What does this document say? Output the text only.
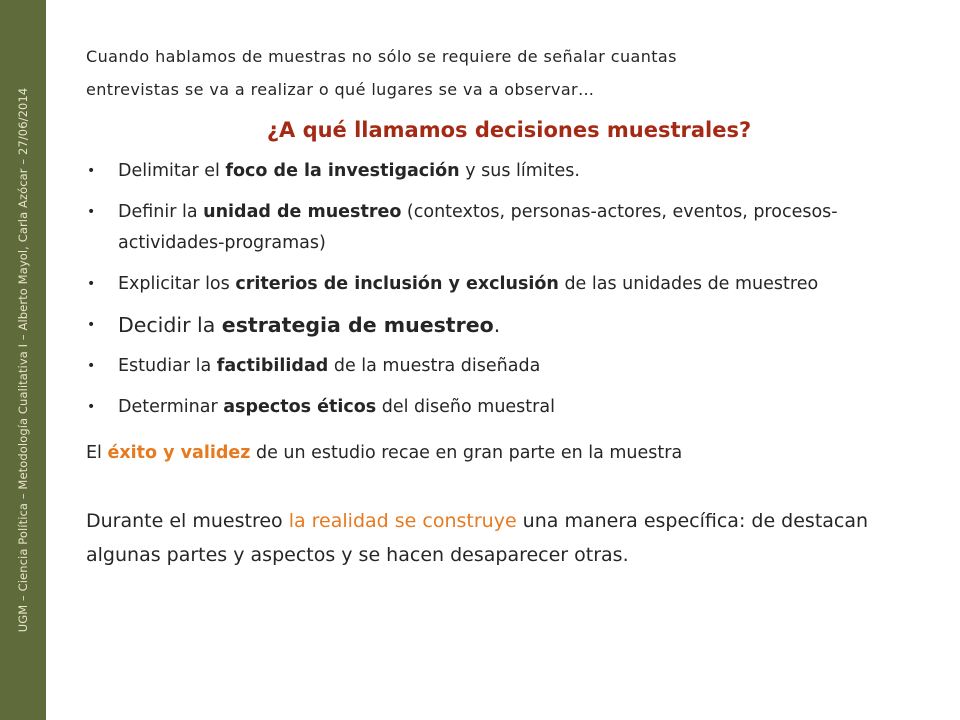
UGM – Ciencia Política – Metodología Cualitativa I – Alberto Mayol, Carla Azócar – 27/06/2014

Cuando hablamos de muestras no sólo se requiere de señalar cuantas
entrevistas se va a realizar o qué lugares se va a observar…

¿A qué llamamos decisiones muestrales?
• Delimitar el foco de la investigación y sus límites.
• Definir la unidad de muestreo (contextos, personas-actores, eventos, procesos-actividades-programas)
• Explicitar los criterios de inclusión y exclusión de las unidades de muestreo
• Decidir la estrategia de muestreo.
• Estudiar la factibilidad de la muestra diseñada
• Determinar aspectos éticos del diseño muestral

El éxito y validez de un estudio recae en gran parte en la muestra

Durante el muestreo la realidad se construye una manera específica: de destacan algunas partes y aspectos y se hacen desaparecer otras.
